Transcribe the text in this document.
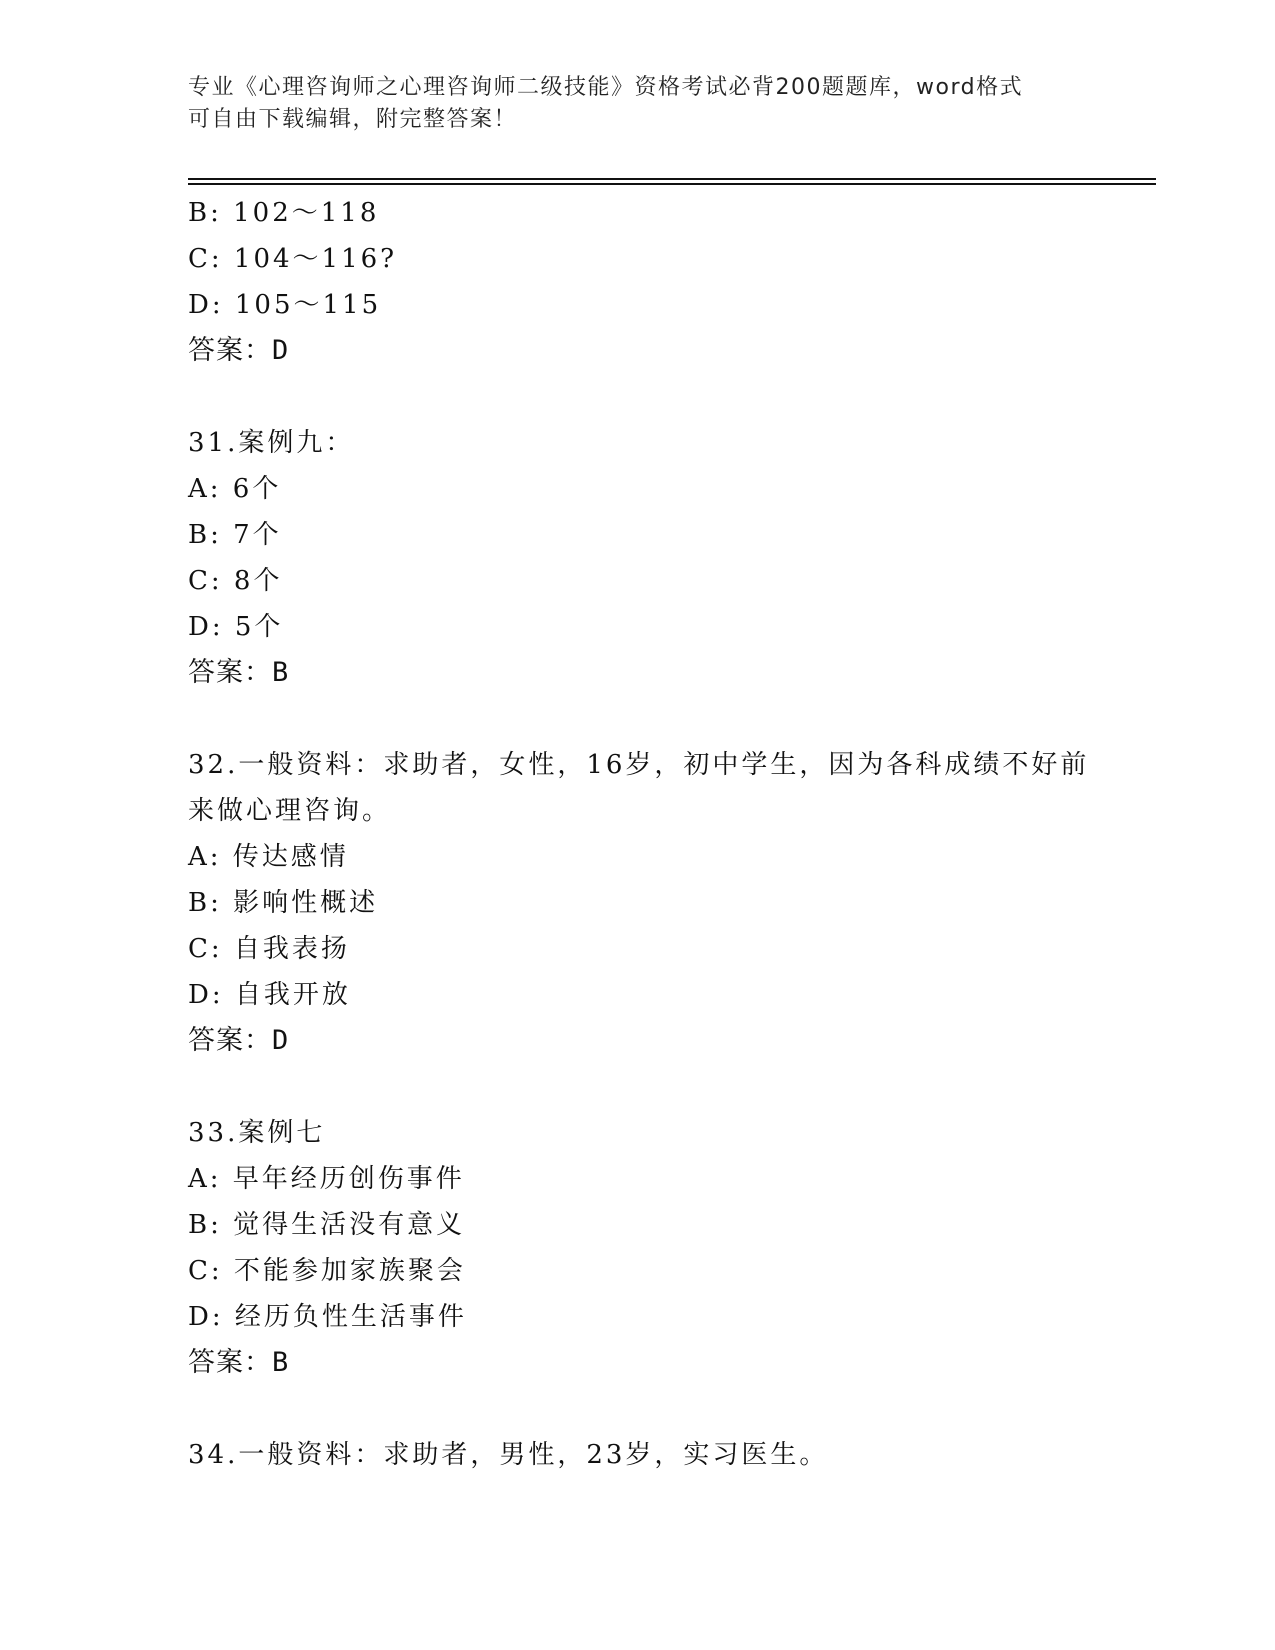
专业《心理咨询师之心理咨询师二级技能》资格考试必背200题题库，word格式
可自由下载编辑，附完整答案！
B: 102～118
C: 104～116?
D: 105～115
答案：D
31.案例九：
A: 6个
B: 7个
C: 8个
D: 5个
答案：B
32.一般资料：求助者，女性，16岁，初中学生，因为各科成绩不好前
来做心理咨询。
A: 传达感情
B: 影响性概述
C: 自我表扬
D: 自我开放
答案：D
33.案例七
A: 早年经历创伤事件
B: 觉得生活没有意义
C: 不能参加家族聚会
D: 经历负性生活事件
答案：B
34.一般资料：求助者，男性，23岁，实习医生。
